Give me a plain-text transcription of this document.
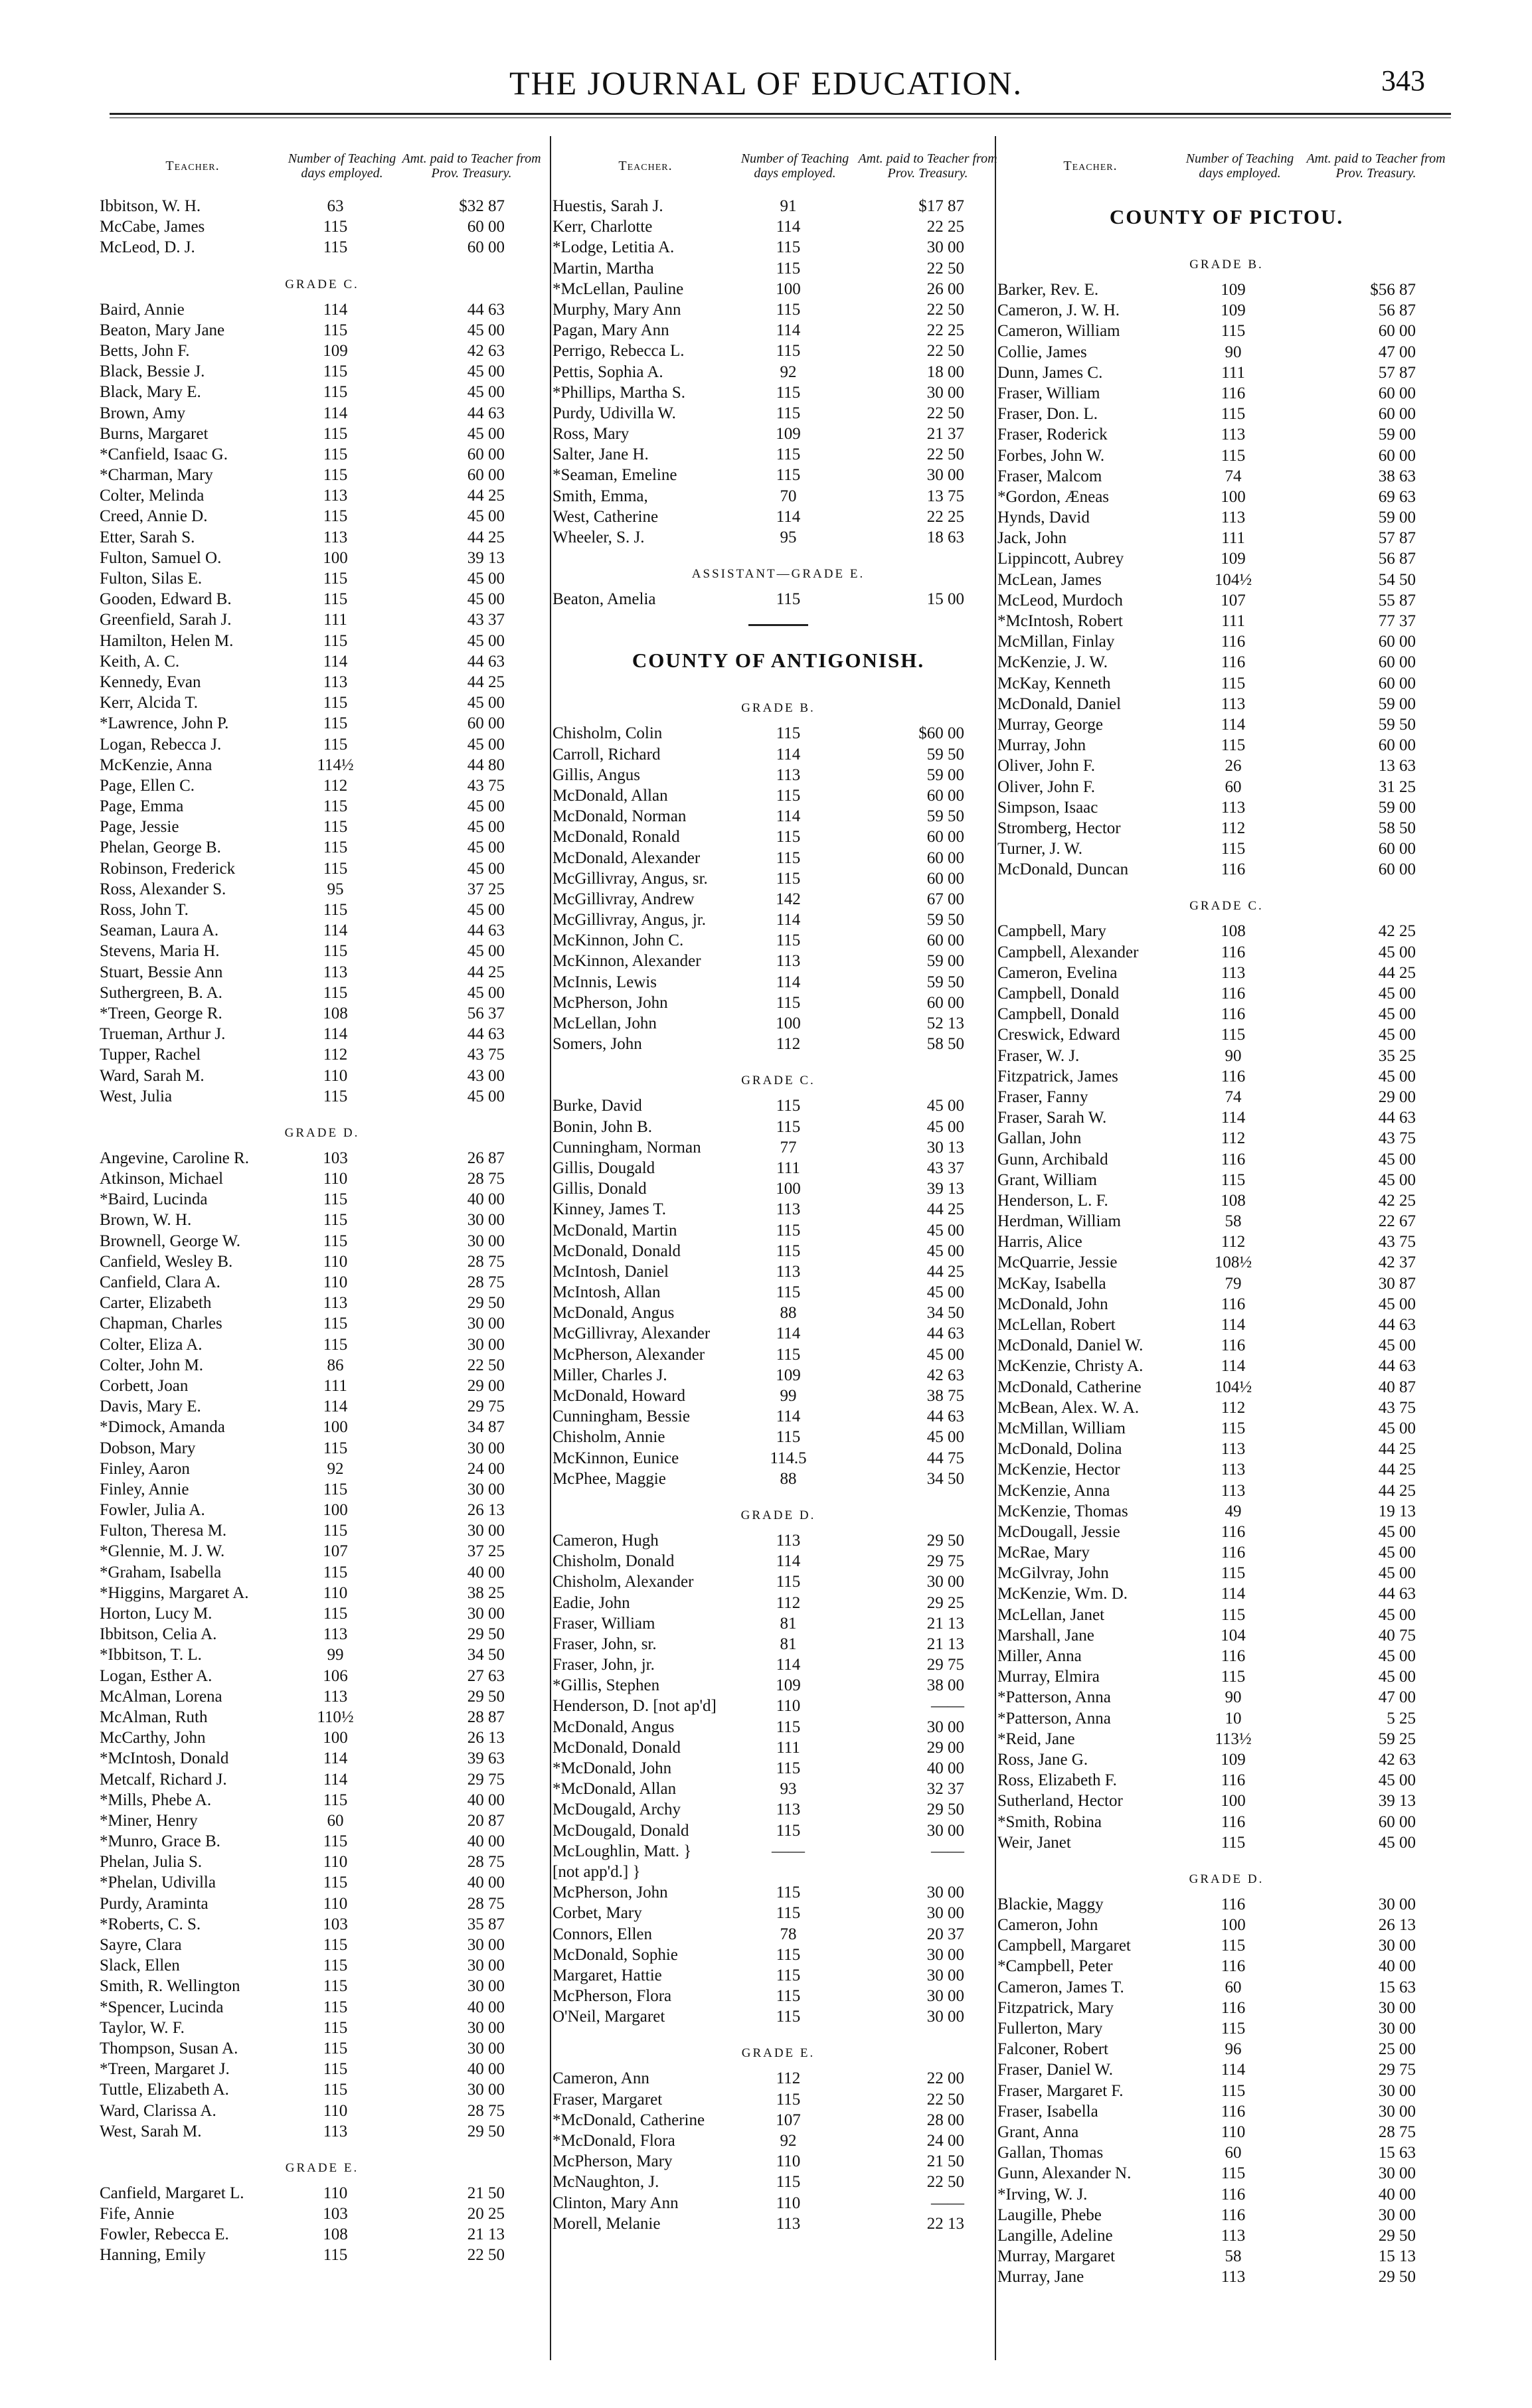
THE JOURNAL OF EDUCATION.	343
Teacher.	Number of Teaching days employed.
Amt. paid to Teacher from Prov. Treasury.
Ibbitson, W. H.	63	$32 87
McCabe, James	115	60 00
McLeod, D. J.	115	60 00
GRADE C.
Baird, Annie	114	44 63
Beaton, Mary Jane	115	45 00
Betts, John F.	109	42 63
Black, Bessie J.	115	45 00
Black, Mary E.	115	45 00
Brown, Amy	114	44 63
Burns, Margaret	115	45 00
*Canfield, Isaac G.	115	60 00
*Charman, Mary	115	60 00
Colter, Melinda	113	44 25
Creed, Annie D.	115	45 00
Etter, Sarah S.	113	44 25
Fulton, Samuel O.	100	39 13
Fulton, Silas E.	115	45 00
Gooden, Edward B.	115	45 00
Greenfield, Sarah J.	111	43 37
Hamilton, Helen M.	115	45 00
Keith, A. C.	114	44 63
Kennedy, Evan	113	44 25
Kerr, Alcida T.	115	45 00
*Lawrence, John P.	115	60 00
Logan, Rebecca J.	115	45 00
McKenzie, Anna	114½	44 80
Page, Ellen C.	112	43 75
Page, Emma	115	45 00
Page, Jessie	115	45 00
Phelan, George B.	115	45 00
Robinson, Frederick	115	45 00
Ross, Alexander S.	95	37 25
Ross, John T.	115	45 00
Seaman, Laura A.	114	44 63
Stevens, Maria H.	115	45 00
Stuart, Bessie Ann	113	44 25
Suthergreen, B. A.	115	45 00
*Treen, George R.	108	56 37
Trueman, Arthur J.	114	44 63
Tupper, Rachel	112	43 75
Ward, Sarah M.	110	43 00
West, Julia	115	45 00
GRADE D.
Angevine, Caroline R.	103	26 87
Atkinson, Michael	110	28 75
*Baird, Lucinda	115	40 00
Brown, W. H.	115	30 00
Brownell, George W.	115	30 00
Canfield, Wesley B.	110	28 75
Canfield, Clara A.	110	28 75
Carter, Elizabeth	113	29 50
Chapman, Charles	115	30 00
Colter, Eliza A.	115	30 00
Colter, John M.	86	22 50
Corbett, Joan	111	29 00
Davis, Mary E.	114	29 75
*Dimock, Amanda	100	34 87
Dobson, Mary	115	30 00
Finley, Aaron	92	24 00
Finley, Annie	115	30 00
Fowler, Julia A.	100	26 13
Fulton, Theresa M.	115	30 00
*Glennie, M. J. W.	107	37 25
*Graham, Isabella	115	40 00
*Higgins, Margaret A.	110	38 25
Horton, Lucy M.	115	30 00
Ibbitson, Celia A.	113	29 50
*Ibbitson, T. L.	99	34 50
Logan, Esther A.	106	27 63
McAlman, Lorena	113	29 50
McAlman, Ruth	110½	28 87
McCarthy, John	100	26 13
*McIntosh, Donald	114	39 63
Metcalf, Richard J.	114	29 75
*Mills, Phebe A.	115	40 00
*Miner, Henry	60	20 87
*Munro, Grace B.	115	40 00
Phelan, Julia S.	110	28 75
*Phelan, Udivilla	115	40 00
Purdy, Araminta	110	28 75
*Roberts, C. S.	103	35 87
Sayre, Clara	115	30 00
Slack, Ellen	115	30 00
Smith, R. Wellington	115	30 00
*Spencer, Lucinda	115	40 00
Taylor, W. F.	115	30 00
Thompson, Susan A.	115	30 00
*Treen, Margaret J.	115	40 00
Tuttle, Elizabeth A.	115	30 00
Ward, Clarissa A.	110	28 75
West, Sarah M.	113	29 50
GRADE E.
Canfield, Margaret L.	110	21 50
Fife, Annie	103	20 25
Fowler, Rebecca E.	108	21 13
Hanning, Emily	115	22 50
Teacher.	Number of Teaching days employed.
Amt. paid to Teacher from Prov. Treasury.
Huestis, Sarah J.	91	$17 87
Kerr, Charlotte	114	22 25
*Lodge, Letitia A.	115	30 00
Martin, Martha	115	22 50
*McLellan, Pauline	100	26 00
Murphy, Mary Ann	115	22 50
Pagan, Mary Ann	114	22 25
Perrigo, Rebecca L.	115	22 50
Pettis, Sophia A.	92	18 00
*Phillips, Martha S.	115	30 00
Purdy, Udivilla W.	115	22 50
Ross, Mary	109	21 37
Salter, Jane H.	115	22 50
*Seaman, Emeline	115	30 00
Smith, Emma,	70	13 75
West, Catherine	114	22 25
Wheeler, S. J.	95	18 63
ASSISTANT—GRADE E.
Beaton, Amelia	115	15 00
COUNTY OF ANTIGONISH.
GRADE B.
Chisholm, Colin	115	$60 00
Carroll, Richard	114	59 50
Gillis, Angus	113	59 00
McDonald, Allan	115	60 00
McDonald, Norman	114	59 50
McDonald, Ronald	115	60 00
McDonald, Alexander	115	60 00
McGillivray, Angus, sr.	115	60 00
McGillivray, Andrew	142	67 00
McGillivray, Angus, jr.	114	59 50
McKinnon, John C.	115	60 00
McKinnon, Alexander	113	59 00
McInnis, Lewis	114	59 50
McPherson, John	115	60 00
McLellan, John	100	52 13
Somers, John	112	58 50
GRADE C.
Burke, David	115	45 00
Bonin, John B.	115	45 00
Cunningham, Norman	77	30 13
Gillis, Dougald	111	43 37
Gillis, Donald	100	39 13
Kinney, James T.	113	44 25
McDonald, Martin	115	45 00
McDonald, Donald	115	45 00
McIntosh, Daniel	113	44 25
McIntosh, Allan	115	45 00
McDonald, Angus	88	34 50
McGillivray, Alexander	114	44 63
McPherson, Alexander	115	45 00
Miller, Charles J.	109	42 63
McDonald, Howard	99	38 75
Cunningham, Bessie	114	44 63
Chisholm, Annie	115	45 00
McKinnon, Eunice	114.5	44 75
McPhee, Maggie	88	34 50
GRADE D.
Cameron, Hugh	113	29 50
Chisholm, Donald	114	29 75
Chisholm, Alexander	115	30 00
Eadie, John	112	29 25
Fraser, William	81	21 13
Fraser, John, sr.	81	21 13
Fraser, John, jr.	114	29 75
*Gillis, Stephen	109	38 00
Henderson, D. [not ap'd]	110	——
McDonald, Angus	115	30 00
McDonald, Donald	111	29 00
*McDonald, John	115	40 00
*McDonald, Allan	93	32 37
McDougald, Archy	113	29 50
McDougald, Donald	115	30 00
McLoughlin, Matt. }	——	——
[not app'd.] }
McPherson, John	115	30 00
Corbet, Mary	115	30 00
Connors, Ellen	78	20 37
McDonald, Sophie	115	30 00
Margaret, Hattie	115	30 00
McPherson, Flora	115	30 00
O'Neil, Margaret	115	30 00
GRADE E.
Cameron, Ann	112	22 00
Fraser, Margaret	115	22 50
*McDonald, Catherine	107	28 00
*McDonald, Flora	92	24 00
McPherson, Mary	110	21 50
McNaughton, J.	115	22 50
Clinton, Mary Ann	110	——
Morell, Melanie	113	22 13
Teacher.	Number of Teaching days employed.
Amt. paid to Teacher from Prov. Treasury.
COUNTY OF PICTOU.
GRADE B.
Barker, Rev. E.	109	$56 87
Cameron, J. W. H.	109	56 87
Cameron, William	115	60 00
Collie, James	90	47 00
Dunn, James C.	111	57 87
Fraser, William	116	60 00
Fraser, Don. L.	115	60 00
Fraser, Roderick	113	59 00
Forbes, John W.	115	60 00
Fraser, Malcom	74	38 63
*Gordon, Æneas	100	69 63
Hynds, David	113	59 00
Jack, John	111	57 87
Lippincott, Aubrey	109	56 87
McLean, James	104½	54 50
McLeod, Murdoch	107	55 87
*McIntosh, Robert	111	77 37
McMillan, Finlay	116	60 00
McKenzie, J. W.	116	60 00
McKay, Kenneth	115	60 00
McDonald, Daniel	113	59 00
Murray, George	114	59 50
Murray, John	115	60 00
Oliver, John F.	26	13 63
Oliver, John F.	60	31 25
Simpson, Isaac	113	59 00
Stromberg, Hector	112	58 50
Turner, J. W.	115	60 00
McDonald, Duncan	116	60 00
GRADE C.
Campbell, Mary	108	42 25
Campbell, Alexander	116	45 00
Cameron, Evelina	113	44 25
Campbell, Donald	116	45 00
Campbell, Donald	116	45 00
Creswick, Edward	115	45 00
Fraser, W. J.	90	35 25
Fitzpatrick, James	116	45 00
Fraser, Fanny	74	29 00
Fraser, Sarah W.	114	44 63
Gallan, John	112	43 75
Gunn, Archibald	116	45 00
Grant, William	115	45 00
Henderson, L. F.	108	42 25
Herdman, William	58	22 67
Harris, Alice	112	43 75
McQuarrie, Jessie	108½	42 37
McKay, Isabella	79	30 87
McDonald, John	116	45 00
McLellan, Robert	114	44 63
McDonald, Daniel W.	116	45 00
McKenzie, Christy A.	114	44 63
McDonald, Catherine	104½	40 87
McBean, Alex. W. A.	112	43 75
McMillan, William	115	45 00
McDonald, Dolina	113	44 25
McKenzie, Hector	113	44 25
McKenzie, Anna	113	44 25
McKenzie, Thomas	49	19 13
McDougall, Jessie	116	45 00
McRae, Mary	116	45 00
McGilvray, John	115	45 00
McKenzie, Wm. D.	114	44 63
McLellan, Janet	115	45 00
Marshall, Jane	104	40 75
Miller, Anna	116	45 00
Murray, Elmira	115	45 00
*Patterson, Anna	90	47 00
*Patterson, Anna	10	5 25
*Reid, Jane	113½	59 25
Ross, Jane G.	109	42 63
Ross, Elizabeth F.	116	45 00
Sutherland, Hector	100	39 13
*Smith, Robina	116	60 00
Weir, Janet	115	45 00
GRADE D.
Blackie, Maggy	116	30 00
Cameron, John	100	26 13
Campbell, Margaret	115	30 00
*Campbell, Peter	116	40 00
Cameron, James T.	60	15 63
Fitzpatrick, Mary	116	30 00
Fullerton, Mary	115	30 00
Falconer, Robert	96	25 00
Fraser, Daniel W.	114	29 75
Fraser, Margaret F.	115	30 00
Fraser, Isabella	116	30 00
Grant, Anna	110	28 75
Gallan, Thomas	60	15 63
Gunn, Alexander N.	115	30 00
*Irving, W. J.	116	40 00
Laugille, Phebe	116	30 00
Langille, Adeline	113	29 50
Murray, Margaret	58	15 13
Murray, Jane	113	29 50
